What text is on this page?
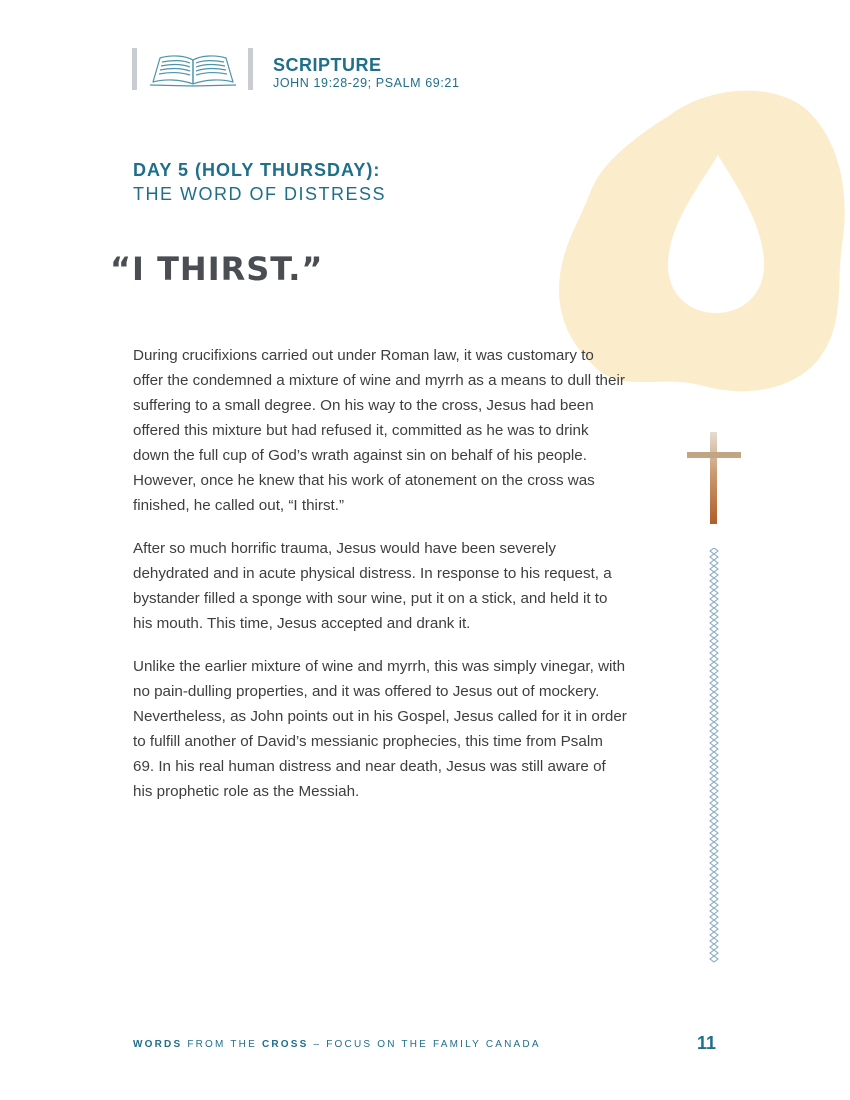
SCRIPTURE
JOHN 19:28-29; PSALM 69:21
DAY 5 (HOLY THURSDAY):
THE WORD OF DISTRESS
“I THIRST.”

During crucifixions carried out under Roman law, it was customary to offer the condemned a mixture of wine and myrrh as a means to dull their suffering to a small degree. On his way to the cross, Jesus had been offered this mixture but had refused it, committed as he was to drink down the full cup of God’s wrath against sin on behalf of his people. However, once he knew that his work of atonement on the cross was finished, he called out, “I thirst.”

After so much horrific trauma, Jesus would have been severely dehydrated and in acute physical distress. In response to his request, a bystander filled a sponge with sour wine, put it on a stick, and held it to his mouth. This time, Jesus accepted and drank it.

Unlike the earlier mixture of wine and myrrh, this was simply vinegar, with no pain-dulling properties, and it was offered to Jesus out of mockery. Nevertheless, as John points out in his Gospel, Jesus called for it in order to fulfill another of David’s messianic prophecies, this time from Psalm 69. In his real human distress and near death, Jesus was still aware of his prophetic role as the Messiah.

WORDS FROM THE CROSS – FOCUS ON THE FAMILY CANADA	11
